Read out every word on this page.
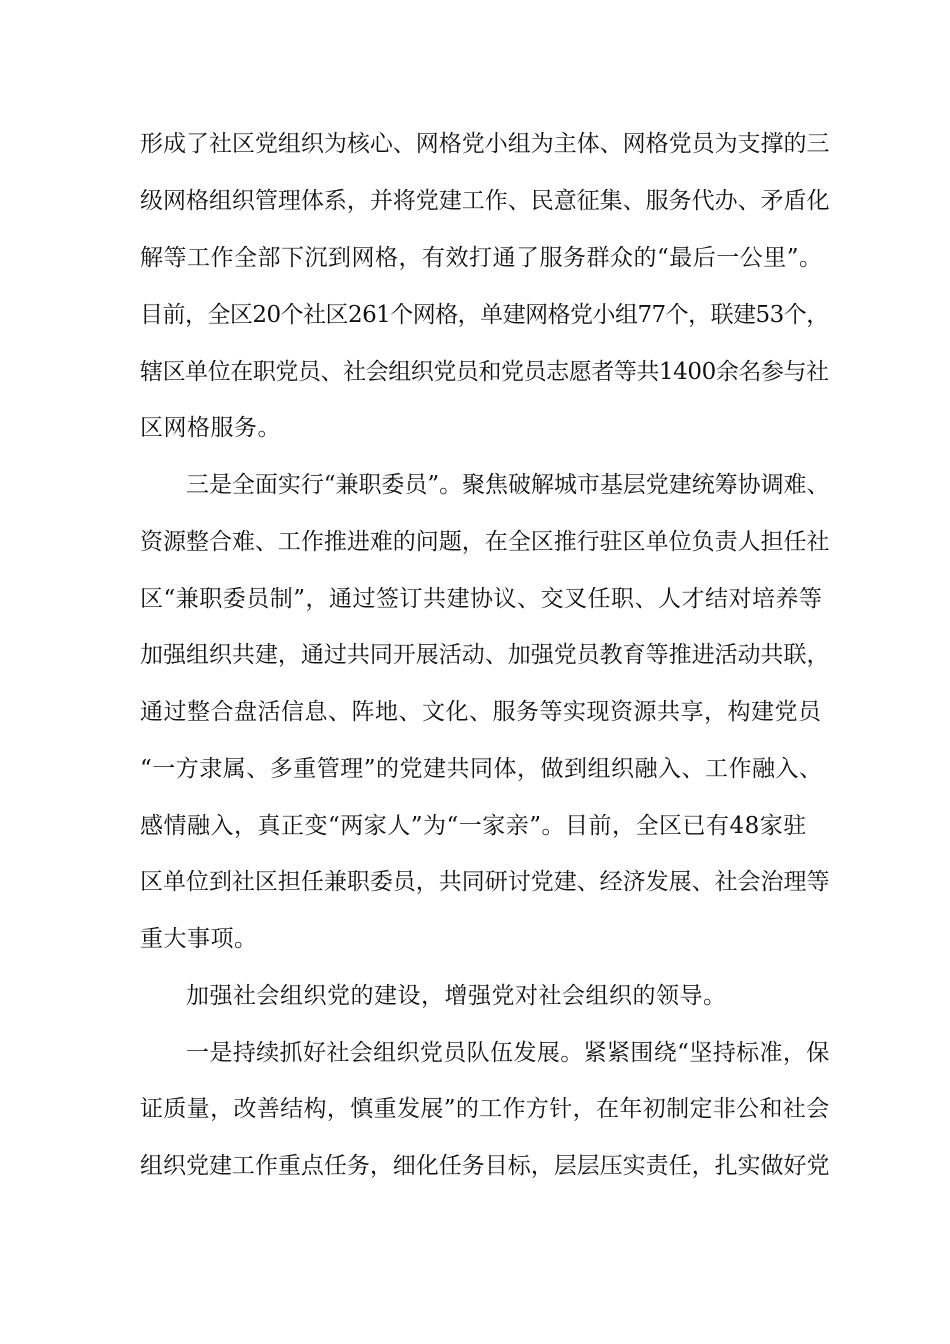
形成了社区党组织为核心、网格党小组为主体、网格党员为支撑的三
级网格组织管理体系，并将党建工作、民意征集、服务代办、矛盾化
解等工作全部下沉到网格，有效打通了服务群众的“最后一公里”。
目前，全区20个社区261个网格，单建网格党小组77个，联建53个，
辖区单位在职党员、社会组织党员和党员志愿者等共1400余名参与社
区网格服务。
三是全面实行“兼职委员”。聚焦破解城市基层党建统筹协调难、
资源整合难、工作推进难的问题，在全区推行驻区单位负责人担任社
区“兼职委员制”，通过签订共建协议、交叉任职、人才结对培养等
加强组织共建，通过共同开展活动、加强党员教育等推进活动共联，
通过整合盘活信息、阵地、文化、服务等实现资源共享，构建党员
“一方隶属、多重管理”的党建共同体，做到组织融入、工作融入、
感情融入，真正变“两家人”为“一家亲”。目前，全区已有48家驻
区单位到社区担任兼职委员，共同研讨党建、经济发展、社会治理等
重大事项。
加强社会组织党的建设，增强党对社会组织的领导。
一是持续抓好社会组织党员队伍发展。紧紧围绕“坚持标准，保
证质量，改善结构，慎重发展”的工作方针，在年初制定非公和社会
组织党建工作重点任务，细化任务目标，层层压实责任，扎实做好党
